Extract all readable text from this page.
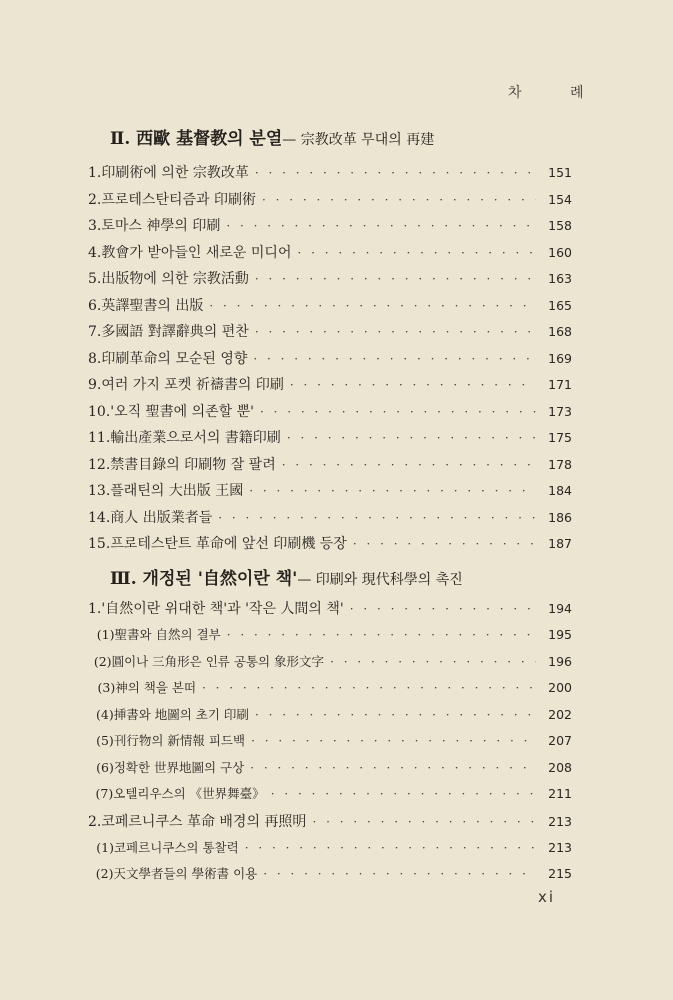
차 례
Ⅱ. 西歐 基督教의 분열— 宗教改革 무대의 再建
1. 印刷術에 의한 宗教改革 · · ·	151
2. 프로테스탄티즘과 印刷術 · · ·	154
3. 토마스 神學의 印刷 · · ·	158
4. 教會가 받아들인 새로운 미디어 · · ·	160
5. 出版物에 의한 宗教活動 · · ·	163
6. 英譯聖書의 出版 · · ·	165
7. 多國語 對譯辭典의 편찬 · · ·	168
8. 印刷革命의 모순된 영향 · · ·	169
9. 여러 가지 포켓 祈禱書의 印刷 · · ·	171
10. '오직 聖書에 의존할 뿐' · · ·	173
11. 輸出產業으로서의 書籍印刷 · · ·	175
12. 禁書目錄의 印刷物 잘 팔려 · · ·	178
13. 플래틴의 大出版 王國 · · ·	184
14. 商人 出版業者들 · · ·	186
15. 프로테스탄트 革命에 앞선 印刷機 등장 · · ·	187
Ⅲ. 개정된 '自然이란 책'— 印刷와 現代科學의 촉진
1. '自然이란 위대한 책'과 '작은 人間의 책' · · ·	194
(1) 聖書와 自然의 결부 · · ·	195
(2) 圓이나 三角形은 인류 공통의 象形文字 · · ·	196
(3) 神의 책을 본떠 · · ·	200
(4) 挿書와 地圖의 초기 印刷 · · ·	202
(5) 刊行物의 新情報 피드백 · · ·	207
(6) 정확한 世界地圖의 구상 · · ·	208
(7) 오텔리우스의 《世界舞臺》 · · ·	211
2. 코페르니쿠스 革命 배경의 再照明 · · ·	213
(1) 코페르니쿠스의 통찰력 · · ·	213
(2) 天文學者들의 學術書 이용 · · ·	215
xi
